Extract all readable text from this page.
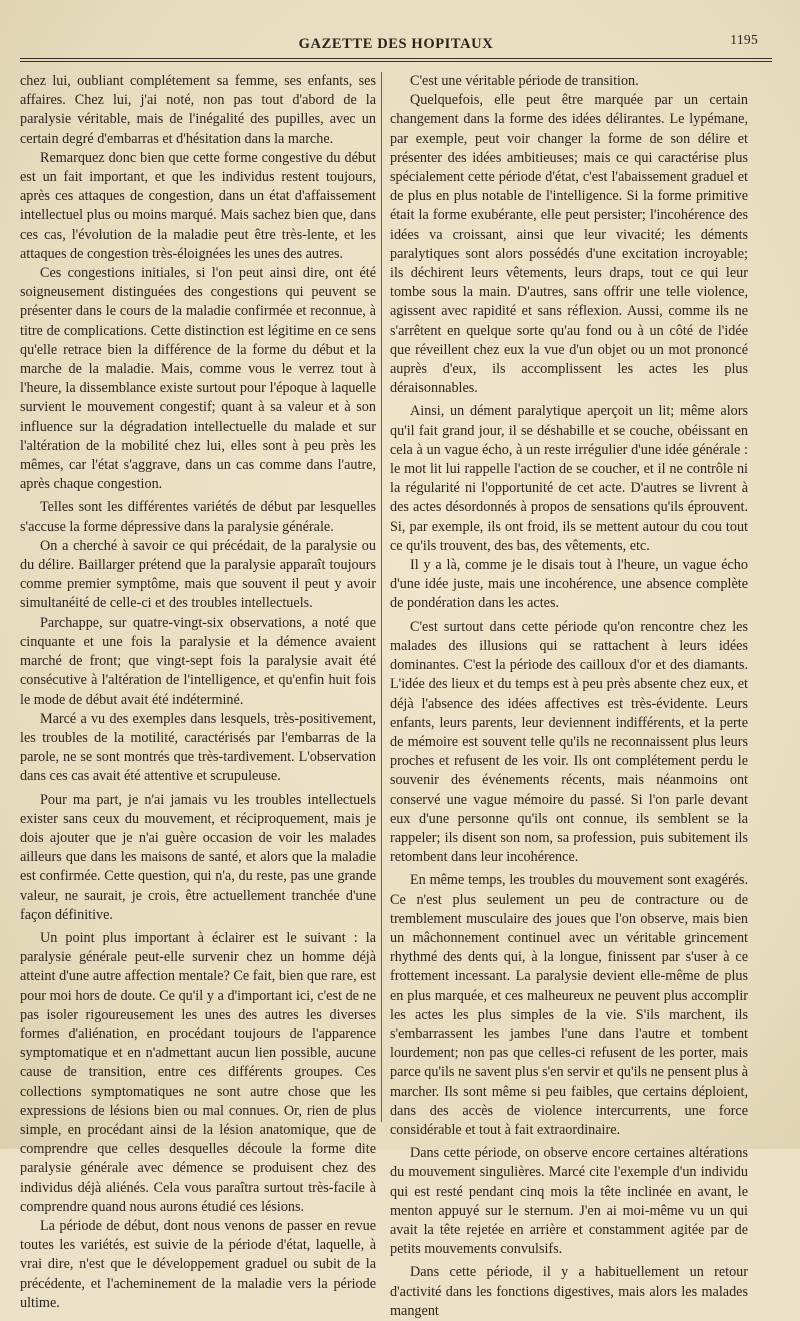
GAZETTE DES HOPITAUX	1195

chez lui, oubliant complétement sa femme, ses enfants, ses affaires. Chez lui, j'ai noté, non pas tout d'abord de la paralysie véritable, mais de l'inégalité des pupilles, avec un certain degré d'embarras et d'hésitation dans la marche.

Remarquez donc bien que cette forme congestive du début est un fait important, et que les individus restent toujours, après ces attaques de congestion, dans un état d'affaissement intellectuel plus ou moins marqué. Mais sachez bien que, dans ces cas, l'évolution de la maladie peut être très-lente, et les attaques de congestion très-éloignées les unes des autres.

Ces congestions initiales, si l'on peut ainsi dire, ont été soigneusement distinguées des congestions qui peuvent se présenter dans le cours de la maladie confirmée et reconnue, à titre de complications. Cette distinction est légitime en ce sens qu'elle retrace bien la différence de la forme du début et la marche de la maladie. Mais, comme vous le verrez tout à l'heure, la dissemblance existe surtout pour l'époque à laquelle survient le mouvement congestif; quant à sa valeur et à son influence sur la dégradation intellectuelle du malade et sur l'altération de la mobilité chez lui, elles sont à peu près les mêmes, car l'état s'aggrave, dans un cas comme dans l'autre, après chaque congestion.

Telles sont les différentes variétés de début par lesquelles s'accuse la forme dépressive dans la paralysie générale.

On a cherché à savoir ce qui précédait, de la paralysie ou du délire. Baillarger prétend que la paralysie apparaît toujours comme premier symptôme, mais que souvent il peut y avoir simultanéité de celle-ci et des troubles intellectuels.

Parchappe, sur quatre-vingt-six observations, a noté que cinquante et une fois la paralysie et la démence avaient marché de front; que vingt-sept fois la paralysie avait été consécutive à l'altération de l'intelligence, et qu'enfin huit fois le mode de début avait été indéterminé.

Marcé a vu des exemples dans lesquels, très-positivement, les troubles de la motilité, caractérisés par l'embarras de la parole, ne se sont montrés que très-tardivement. L'observation dans ces cas avait été attentive et scrupuleuse.

Pour ma part, je n'ai jamais vu les troubles intellectuels exister sans ceux du mouvement, et réciproquement, mais je dois ajouter que je n'ai guère occasion de voir les malades ailleurs que dans les maisons de santé, et alors que la maladie est confirmée. Cette question, qui n'a, du reste, pas une grande valeur, ne saurait, je crois, être actuellement tranchée d'une façon définitive.

Un point plus important à éclairer est le suivant : la paralysie générale peut-elle survenir chez un homme déjà atteint d'une autre affection mentale? Ce fait, bien que rare, est pour moi hors de doute. Ce qu'il y a d'important ici, c'est de ne pas isoler rigoureusement les unes des autres les diverses formes d'aliénation, en procédant toujours de l'apparence symptomatique et en n'admettant aucun lien possible, aucune cause de transition, entre ces différents groupes. Ces collections symptomatiques ne sont autre chose que les expressions de lésions bien ou mal connues. Or, rien de plus simple, en procédant ainsi de la lésion anatomique, que de comprendre que celles desquelles découle la forme dite paralysie générale avec démence se produisent chez des individus déjà aliénés. Cela vous paraîtra surtout très-facile à comprendre quand nous aurons étudié ces lésions.

La période de début, dont nous venons de passer en revue toutes les variétés, est suivie de la période d'état, laquelle, à vrai dire, n'est que le développement graduel ou subit de la précédente, et l'acheminement de la maladie vers la période ultime.

C'est une véritable période de transition.

Quelquefois, elle peut être marquée par un certain changement dans la forme des idées délirantes. Le lypémane, par exemple, peut voir changer la forme de son délire et présenter des idées ambitieuses; mais ce qui caractérise plus spécialement cette période d'état, c'est l'abaissement graduel et de plus en plus notable de l'intelligence. Si la forme primitive était la forme exubérante, elle peut persister; l'incohérence des idées va croissant, ainsi que leur vivacité; les déments paralytiques sont alors possédés d'une excitation incroyable; ils déchirent leurs vêtements, leurs draps, tout ce qui leur tombe sous la main. D'autres, sans offrir une telle violence, agissent avec rapidité et sans réflexion. Aussi, comme ils ne s'arrêtent en quelque sorte qu'au fond ou à un côté de l'idée que réveillent chez eux la vue d'un objet ou un mot prononcé auprès d'eux, ils accomplissent les actes les plus déraisonnables.

Ainsi, un dément paralytique aperçoit un lit; même alors qu'il fait grand jour, il se déshabille et se couche, obéissant en cela à un vague écho, à un reste irrégulier d'une idée générale : le mot lit lui rappelle l'action de se coucher, et il ne contrôle ni la régularité ni l'opportunité de cet acte. D'autres se livrent à des actes désordonnés à propos de sensations qu'ils éprouvent. Si, par exemple, ils ont froid, ils se mettent autour du cou tout ce qu'ils trouvent, des bas, des vêtements, etc.

Il y a là, comme je le disais tout à l'heure, un vague écho d'une idée juste, mais une incohérence, une absence complète de pondération dans les actes.

C'est surtout dans cette période qu'on rencontre chez les malades des illusions qui se rattachent à leurs idées dominantes. C'est la période des cailloux d'or et des diamants. L'idée des lieux et du temps est à peu près absente chez eux, et déjà l'absence des idées affectives est très-évidente. Leurs enfants, leurs parents, leur deviennent indifférents, et la perte de mémoire est souvent telle qu'ils ne reconnaissent plus leurs proches et refusent de les voir. Ils ont complétement perdu le souvenir des événements récents, mais néanmoins ont conservé une vague mémoire du passé. Si l'on parle devant eux d'une personne qu'ils ont connue, ils semblent se la rappeler; ils disent son nom, sa profession, puis subitement ils retombent dans leur incohérence.

En même temps, les troubles du mouvement sont exagérés. Ce n'est plus seulement un peu de contracture ou de tremblement musculaire des joues que l'on observe, mais bien un mâchonnement continuel avec un véritable grincement rhythmé des dents qui, à la longue, finissent par s'user à ce frottement incessant. La paralysie devient elle-même de plus en plus marquée, et ces malheureux ne peuvent plus accomplir les actes les plus simples de la vie. S'ils marchent, ils s'embarrassent les jambes l'une dans l'autre et tombent lourdement; non pas que celles-ci refusent de les porter, mais parce qu'ils ne savent plus s'en servir et qu'ils ne pensent plus à marcher. Ils sont même si peu faibles, que certains déploient, dans des accès de violence intercurrents, une force considérable et tout à fait extraordinaire.

Dans cette période, on observe encore certaines altérations du mouvement singulières. Marcé cite l'exemple d'un individu qui est resté pendant cinq mois la tête inclinée en avant, le menton appuyé sur le sternum. J'en ai moi-même vu un qui avait la tête rejetée en arrière et constamment agitée par de petits mouvements convulsifs.

Dans cette période, il y a habituellement un retour d'activité dans les fonctions digestives, mais alors les malades mangent
